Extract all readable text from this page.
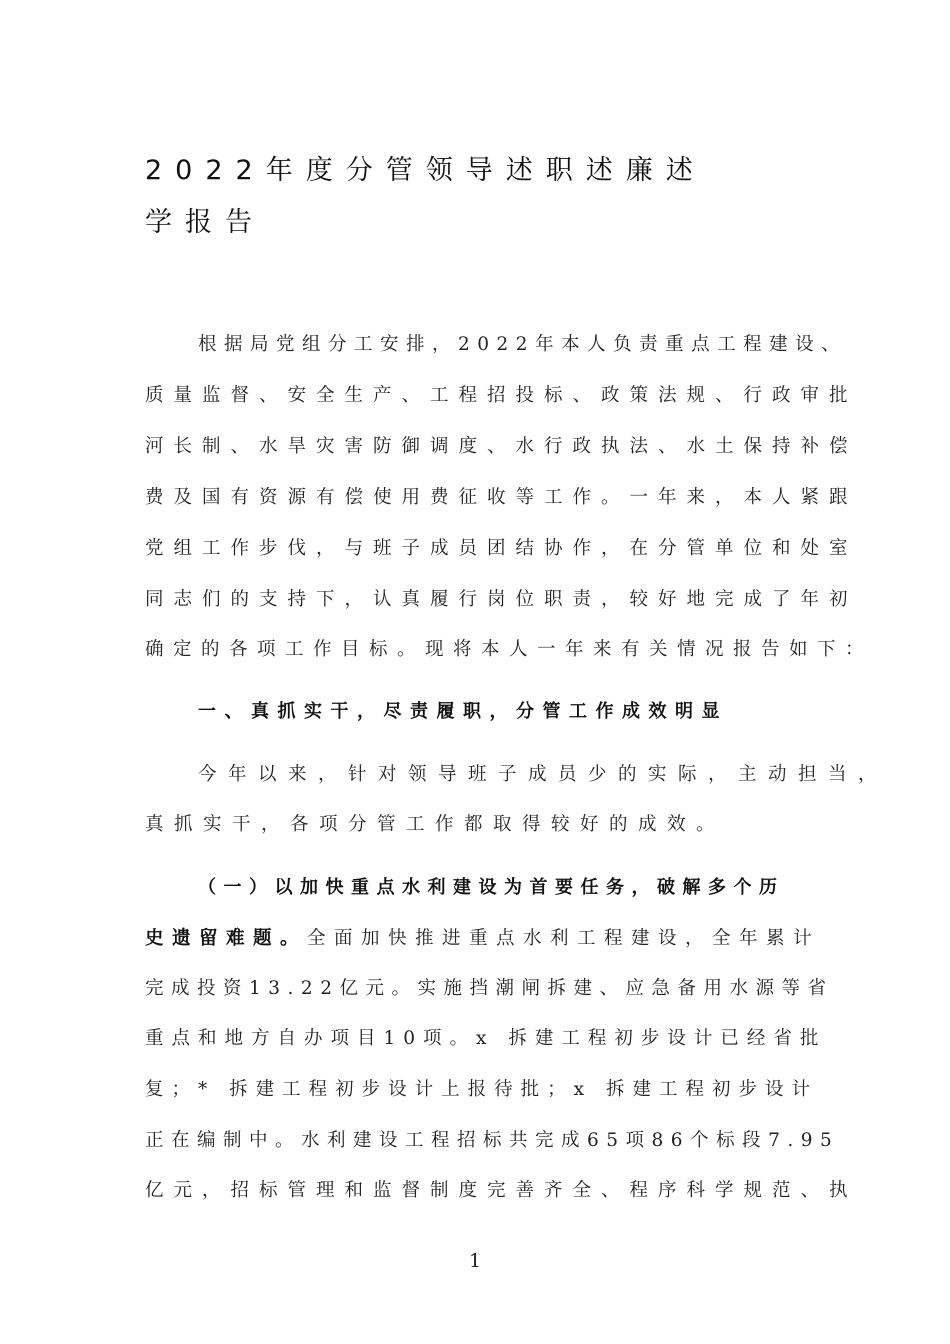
2022年度分管领导述职述廉述
学报告
根据局党组分工安排，2022年本人负责重点工程建设、
质量监督、安全生产、工程招投标、政策法规、行政审批
河长制、水旱灾害防御调度、水行政执法、水土保持补偿
费及国有资源有偿使用费征收等工作。一年来，本人紧跟
党组工作步伐，与班子成员团结协作，在分管单位和处室
同志们的支持下，认真履行岗位职责，较好地完成了年初
确定的各项工作目标。现将本人一年来有关情况报告如下：
一、真抓实干，尽责履职，分管工作成效明显
今年以来，针对领导班子成员少的实际，主动担当，
真抓实干，各项分管工作都取得较好的成效。
（一）以加快重点水利建设为首要任务，破解多个历
史遗留难题。全面加快推进重点水利工程建设，全年累计
完成投资13.22亿元。实施挡潮闸拆建、应急备用水源等省
重点和地方自办项目10项。x 拆建工程初步设计已经省批
复；* 拆建工程初步设计上报待批；x 拆建工程初步设计
正在编制中。水利建设工程招标共完成65项86个标段7.95
亿元，招标管理和监督制度完善齐全、程序科学规范、执
1
